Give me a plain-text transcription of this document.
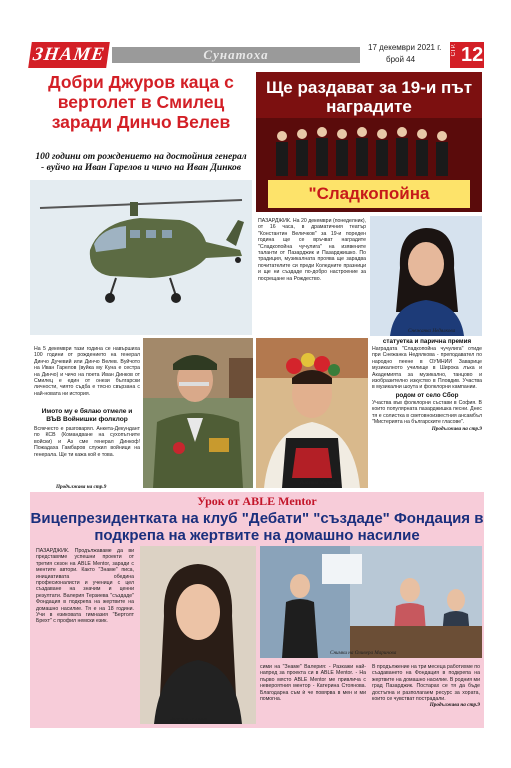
ЗНАМЕ	Сунатоха	17 декември 2021 г.
брой 44
СТР. 12
Добри Джуров каца с вертолет в Смилец заради Динчо Велев
100 години от рождението на достойния генерал - вуйчо на Иван Гарелов и чичо на Иван Динков
На 5 декември тази година се навършиха 100 години от рождението на генерал Динчо Дучевий или Динчо Велев. Вуйчото на Иван Гарелов (вуйка му Куна е сестра на Динчо) и чичо на поета Иван Динков от Смилец е един от онези български личности, чиято съдба е тясно свързана с най-новата ни история.
Имото му е бялаю отмеле и ВЪВ Войнишки фолклор
Всякчесто е разговарял. Анкета-Декундант по КСВ (Командване на сухопътните войски) и Аз сме генерал Динкоф! Пожадаха Гамбаров служил войници на генерала. Ще ти кажа кой е това.
Продължава на стр.9
Ще раздават за 19-и път наградите
"Сладкопойна
ПАЗАРДЖИК. На 20 декември (понеделник), от 16 часа, в драматичния театър "Константин Величков" за 19-и пореден година ще се връчват наградите "Сладкопойна чучулига" на изявените таланти от Пазарджик и Пазарджишко. По традиция, музикалната проява ще зарадва почитателите си преди Коледните празници и ще ни създаде по-добро настроение за посрещане на Рождество.
Снежанка Недялкова
Виолина Маринова
статуетка и парична премия
Наградата "Сладкопойна чучулига" отиде при Снежанка Недялкова - преподавател по народно пеене в ОУМНИИ Заварице музикалното училище в Широка лъка и Академията за музикално, танцово и изобразително изкуство в Пловдив. Участва в музикални шоута и фолклорни кампании.
родом от село Сбор
Участва във фолклорни състави в София. В които популярната пазарджишка песни. Днес тя е солистка в световноизвестния ансамбъл "Мистерията на българските гласове".
Продължава на стр.9
Урок от ABLE Mentor
Вицепрезидентката на клуб "Дебати" "създаде" Фондация в подкрепа на жертвите на домашно насилие
ПАЗАРДЖИК. Продължаваме да ви представяме успешни проекти от третия сезон на ABLE Mentor, заради с ментите автори. Както "Знаме" писа, инициативата обедина професионалисти и ученици с цел създаване на значим и ценни резултати. Валерия Терзиева "създаде" Фондация в подкрепа на жертвите на домашно насилие. Тя е на 18 години. Учи в езиковата гимназия "Бертолт Брехт" с профил немски език.
Валерия Терзиева
Снимки на Оливера Маринова
сими на "Знаме" Валерия: - Разкажи най-напред за проекта си в ABLE Mentor. - На първо място ABLE Mentor ме привлича с невероятния ментор - Катерина Стоянова. Благодарна съм ѝ че повярва в мен и ми помогна.
В продължение на три месеца работихме по създаването на Фондация в подкрепа на жертвите на домашно насилие. В родния ми град Пазарджик. Постарах се тя да бъде достъпна и разполагаем ресурс за хората, които се чувстват пострадали.
Продължава на стр.9
